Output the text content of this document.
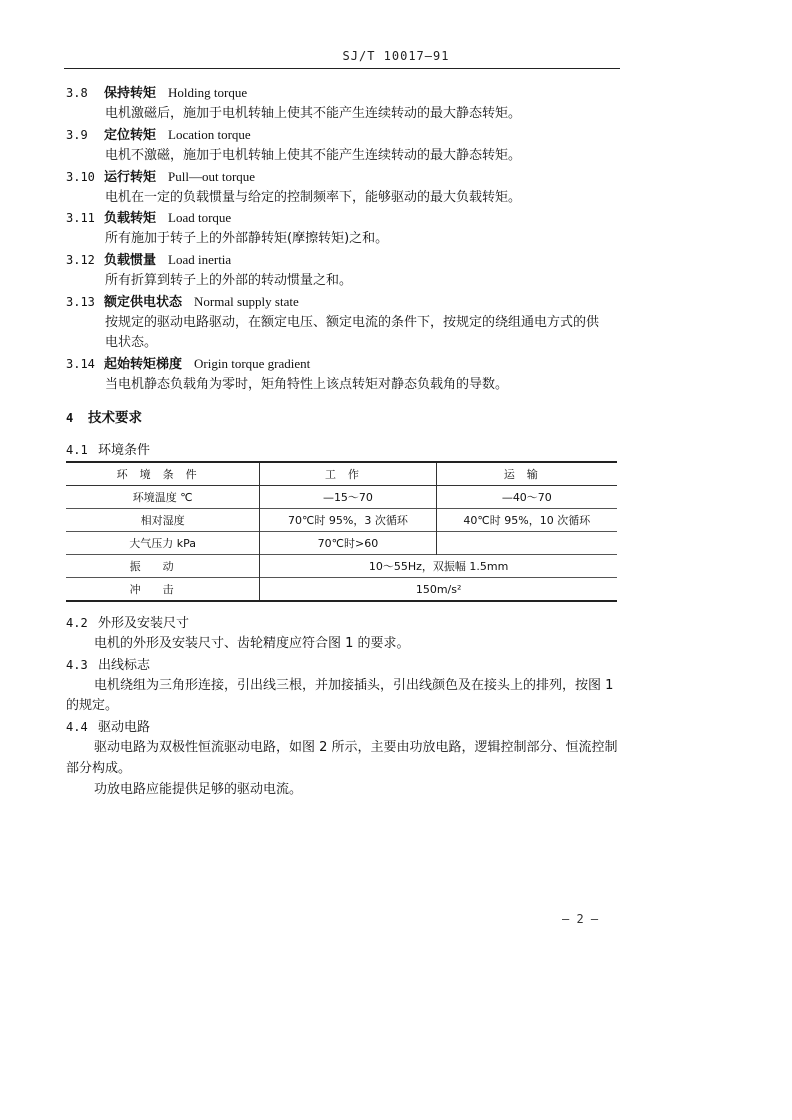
SJ/T 10017—91
3.8 保持转矩 Holding torque
电机激磁后，施加于电机转轴上使其不能产生连续转动的最大静态转矩。
3.9 定位转矩 Location torque
电机不激磁，施加于电机转轴上使其不能产生连续转动的最大静态转矩。
3.10 运行转矩 Pull—out torque
电机在一定的负载惯量与给定的控制频率下，能够驱动的最大负载转矩。
3.11 负载转矩 Load torque
所有施加于转子上的外部静转矩(摩擦转矩)之和。
3.12 负载惯量 Load inertia
所有折算到转子上的外部的转动惯量之和。
3.13 额定供电状态 Normal supply state
按规定的驱动电路驱动，在额定电压、额定电流的条件下，按规定的绕组通电方式的供
电状态。
3.14 起始转矩梯度 Origin torque gradient
当电机静态负载角为零时，矩角特性上该点转矩对静态负载角的导数。
4 技术要求
4.1 环境条件
环境条件	工作	运输
环境温度 ℃	—15～70	—40～70
相对湿度	70℃时 95%，3 次循环	40℃时 95%，10 次循环
大气压力 kPa	70℃时>60	
振动	10～55Hz，双振幅 1.5mm	
冲击	150m/s²	
4.2 外形及安装尺寸
电机的外形及安装尺寸、齿轮精度应符合图 1 的要求。
4.3 出线标志
电机绕组为三角形连接，引出线三根，并加接插头，引出线颜色及在接头上的排列，按图 1
的规定。
4.4 驱动电路
驱动电路为双极性恒流驱动电路，如图 2 所示，主要由功放电路，逻辑控制部分、恒流控制
部分构成。
功放电路应能提供足够的驱动电流。
— 2 —
